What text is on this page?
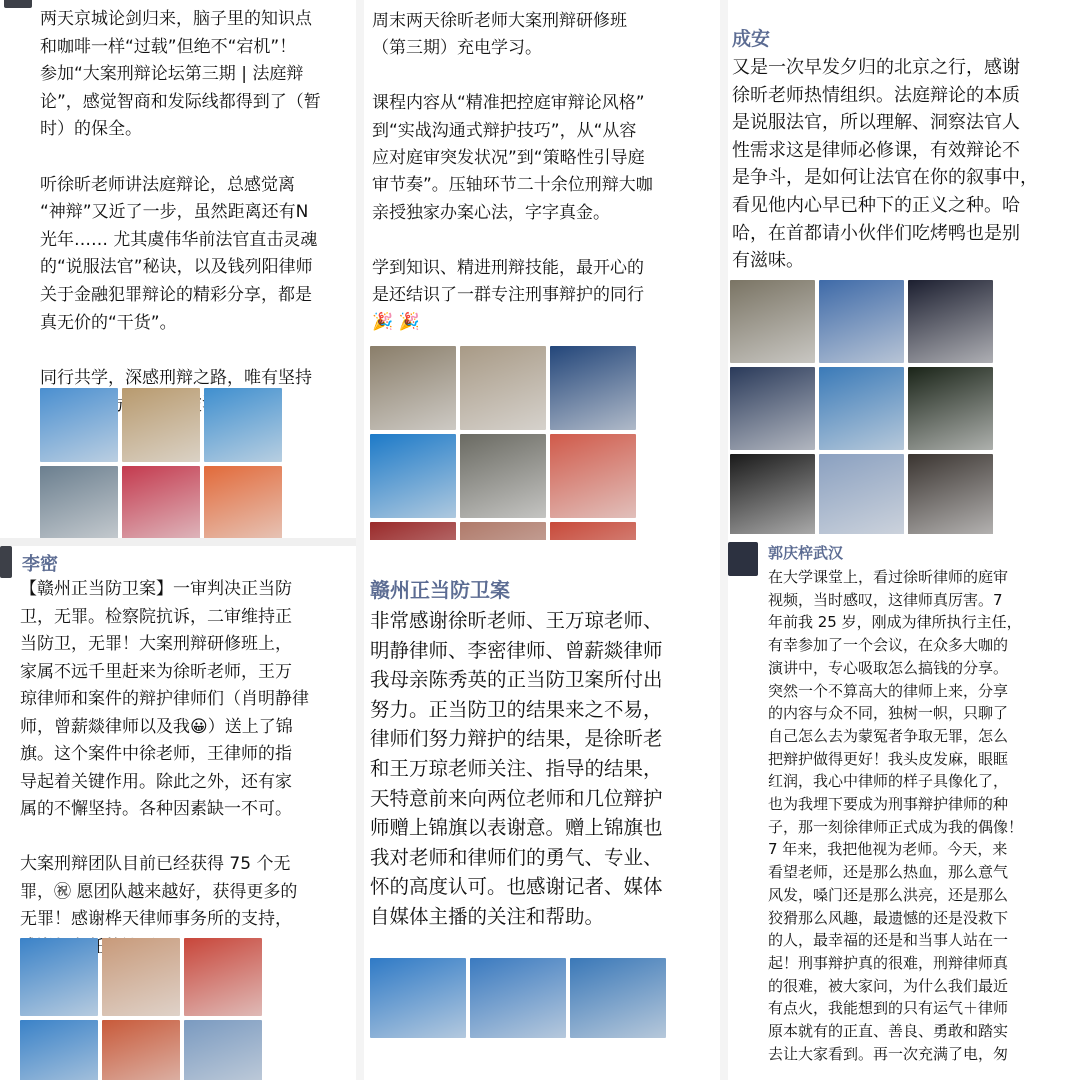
两天京城论剑归来，脑子里的知识点
和咖啡一样“过载”但绝不“宕机”！
参加“大案刑辩论坛第三期 | 法庭辩
论”，感觉智商和发际线都得到了（暂
时）的保全。

听徐昕老师讲法庭辩论，总感觉离
“神辩”又近了一步，虽然距离还有N
光年…… 尤其虞伟华前法官直击灵魂
的“说服法官”秘诀，以及钱列阳律师
关于金融犯罪辩论的精彩分享，都是
真无价的“干货”。

同行共学，深感刑辩之路，唯有坚持

周末两天徐昕老师大案刑辩研修班
（第三期）充电学习。

课程内容从“精准把控庭审辩论风格”
到“实战沟通式辩护技巧”，从“从容
应对庭审突发状况”到“策略性引导庭
审节奏”。压轴环节二十余位刑辩大咖
亲授独家办案心法，字字真金。

学到知识、精进刑辩技能，最开心的
是还结识了一群专注刑事辩护的同行
🎉 🎉
成安
又是一次早发夕归的北京之行，感谢
徐昕老师热情组织。法庭辩论的本质
是说服法官，所以理解、洞察法官人
性需求这是律师必修课，有效辩论不
是争斗，是如何让法官在你的叙事中，
看见他内心早已种下的正义之种。哈
哈，在首都请小伙伴们吃烤鸭也是别
有滋味。
李密
【赣州正当防卫案】一审判决正当防
卫，无罪。检察院抗诉，二审维持正
当防卫，无罪！大案刑辩研修班上，
家属不远千里赶来为徐昕老师，王万
琼律师和案件的辩护律师们（肖明静律
师，曾薪燚律师以及我😀）送上了锦
旗。这个案件中徐老师，王律师的指
导起着关键作用。除此之外，还有家
属的不懈坚持。各种因素缺一不可。

大案刑辩团队目前已经获得 75 个无
罪，㊗ 愿团队越来越好，获得更多的
无罪！感谢桦天律师事务所的支持，

赣州正当防卫案
非常感谢徐昕老师、王万琼老师、
明静律师、李密律师、曾薪燚律师
我母亲陈秀英的正当防卫案所付出
努力。正当防卫的结果来之不易，
律师们努力辩护的结果，是徐昕老
和王万琼老师关注、指导的结果，
天特意前来向两位老师和几位辩护
师赠上锦旗以表谢意。赠上锦旗也
我对老师和律师们的勇气、专业、
怀的高度认可。也感谢记者、媒体
自媒体主播的关注和帮助。
郭庆梓武汉
在大学课堂上，看过徐昕律师的庭审
视频，当时感叹，这律师真厉害。7
年前我 25 岁，刚成为律所执行主任，
有幸参加了一个会议，在众多大咖的
演讲中，专心吸取怎么搞钱的分享。
突然一个不算高大的律师上来，分享
的内容与众不同，独树一帜，只聊了
自己怎么去为蒙冤者争取无罪，怎么
把辩护做得更好！我头皮发麻，眼眶
红润，我心中律师的样子具像化了，
也为我埋下要成为刑事辩护律师的种
子，那一刻徐律师正式成为我的偶像！
7 年来，我把他视为老师。今天，来
看望老师，还是那么热血，那么意气
风发，嗓门还是那么洪亮，还是那么
狡猾那么风趣，最遗憾的还是没救下
的人，最幸福的还是和当事人站在一
起！刑事辩护真的很难，刑辩律师真
的很难，被大家问，为什么我们最近
有点火，我能想到的只有运气＋律师
原本就有的正直、善良、勇敢和踏实
去让大家看到。再一次充满了电，匆
